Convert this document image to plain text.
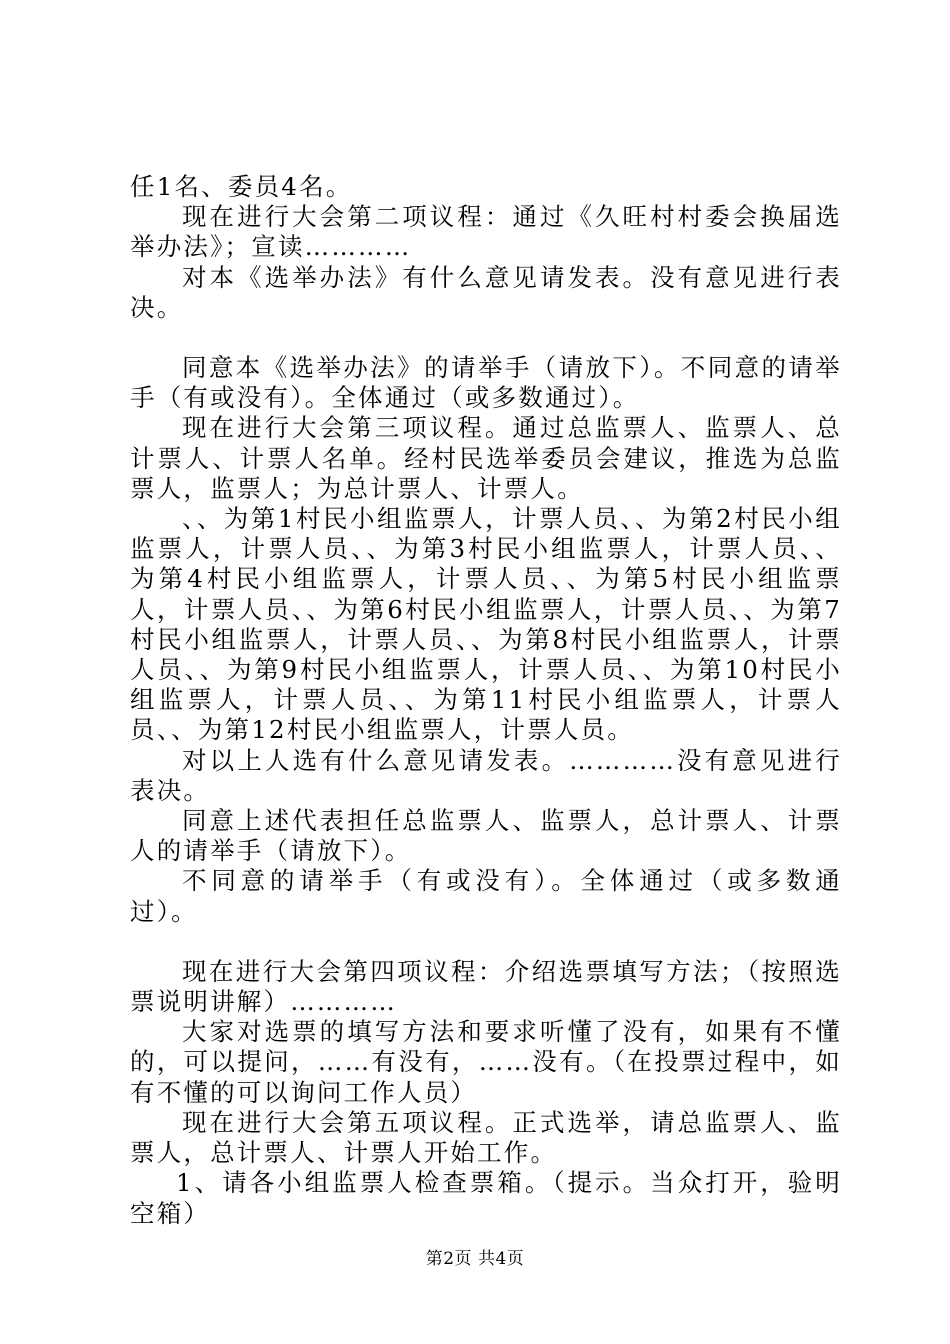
任1名、委员4名。

现在进行大会第二项议程：通过《久旺村村委会换届选举办法》；宣读…………

对本《选举办法》有什么意见请发表。没有意见进行表决。

同意本《选举办法》的请举手（请放下）。不同意的请举手（有或没有）。全体通过（或多数通过）。

现在进行大会第三项议程。通过总监票人、监票人、总计票人、计票人名单。经村民选举委员会建议，推选为总监票人，监票人；为总计票人、计票人。

、、为第1村民小组监票人，计票人员、、为第2村民小组监票人，计票人员、、为第3村民小组监票人，计票人员、、为第4村民小组监票人，计票人员、、为第5村民小组监票人，计票人员、、为第6村民小组监票人，计票人员、、为第7村民小组监票人，计票人员、、为第8村民小组监票人，计票人员、、为第9村民小组监票人，计票人员、、为第10村民小组监票人，计票人员、、为第11村民小组监票人，计票人员、、为第12村民小组监票人，计票人员。

对以上人选有什么意见请发表。…………没有意见进行表决。

同意上述代表担任总监票人、监票人，总计票人、计票人的请举手（请放下）。

不同意的请举手（有或没有）。全体通过（或多数通过）。

现在进行大会第四项议程：介绍选票填写方法；（按照选票说明讲解）…………

大家对选票的填写方法和要求听懂了没有，如果有不懂的，可以提问，……有没有，……没有。（在投票过程中，如有不懂的可以询问工作人员）

现在进行大会第五项议程。正式选举，请总监票人、监票人，总计票人、计票人开始工作。

1、请各小组监票人检查票箱。（提示。当众打开，验明空箱）

第2页 共4页
